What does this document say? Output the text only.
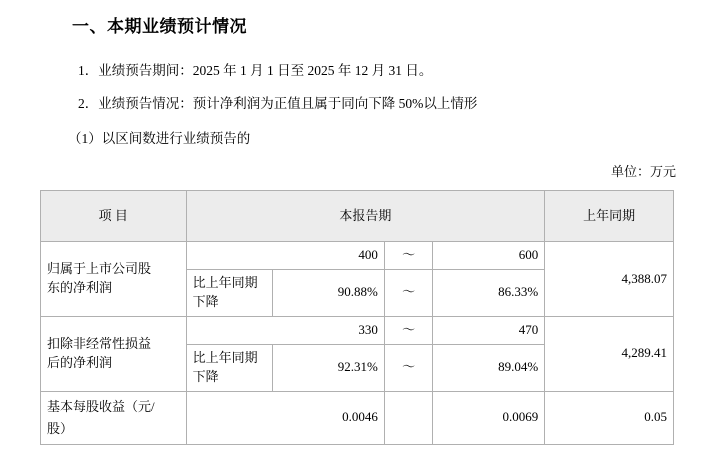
一、本期业绩预计情况
1．业绩预告期间：2025 年 1 月 1 日至 2025 年 12 月 31 日。
2．业绩预告情况：预计净利润为正值且属于同向下降 50%以上情形
（1）以区间数进行业绩预告的
单位：万元
项 目	本报告期				上年同期

归属于上市公司股
东的净利润	400		～	600	4,388.07

	比上年同期
下降	90.88%	～	86.33%	

扣除非经常性损益
后的净利润	330		～	470	4,289.41

	比上年同期
下降	92.31%	～	89.04%	

基本每股收益（元/
股）	0.0046			0.0069	0.05
